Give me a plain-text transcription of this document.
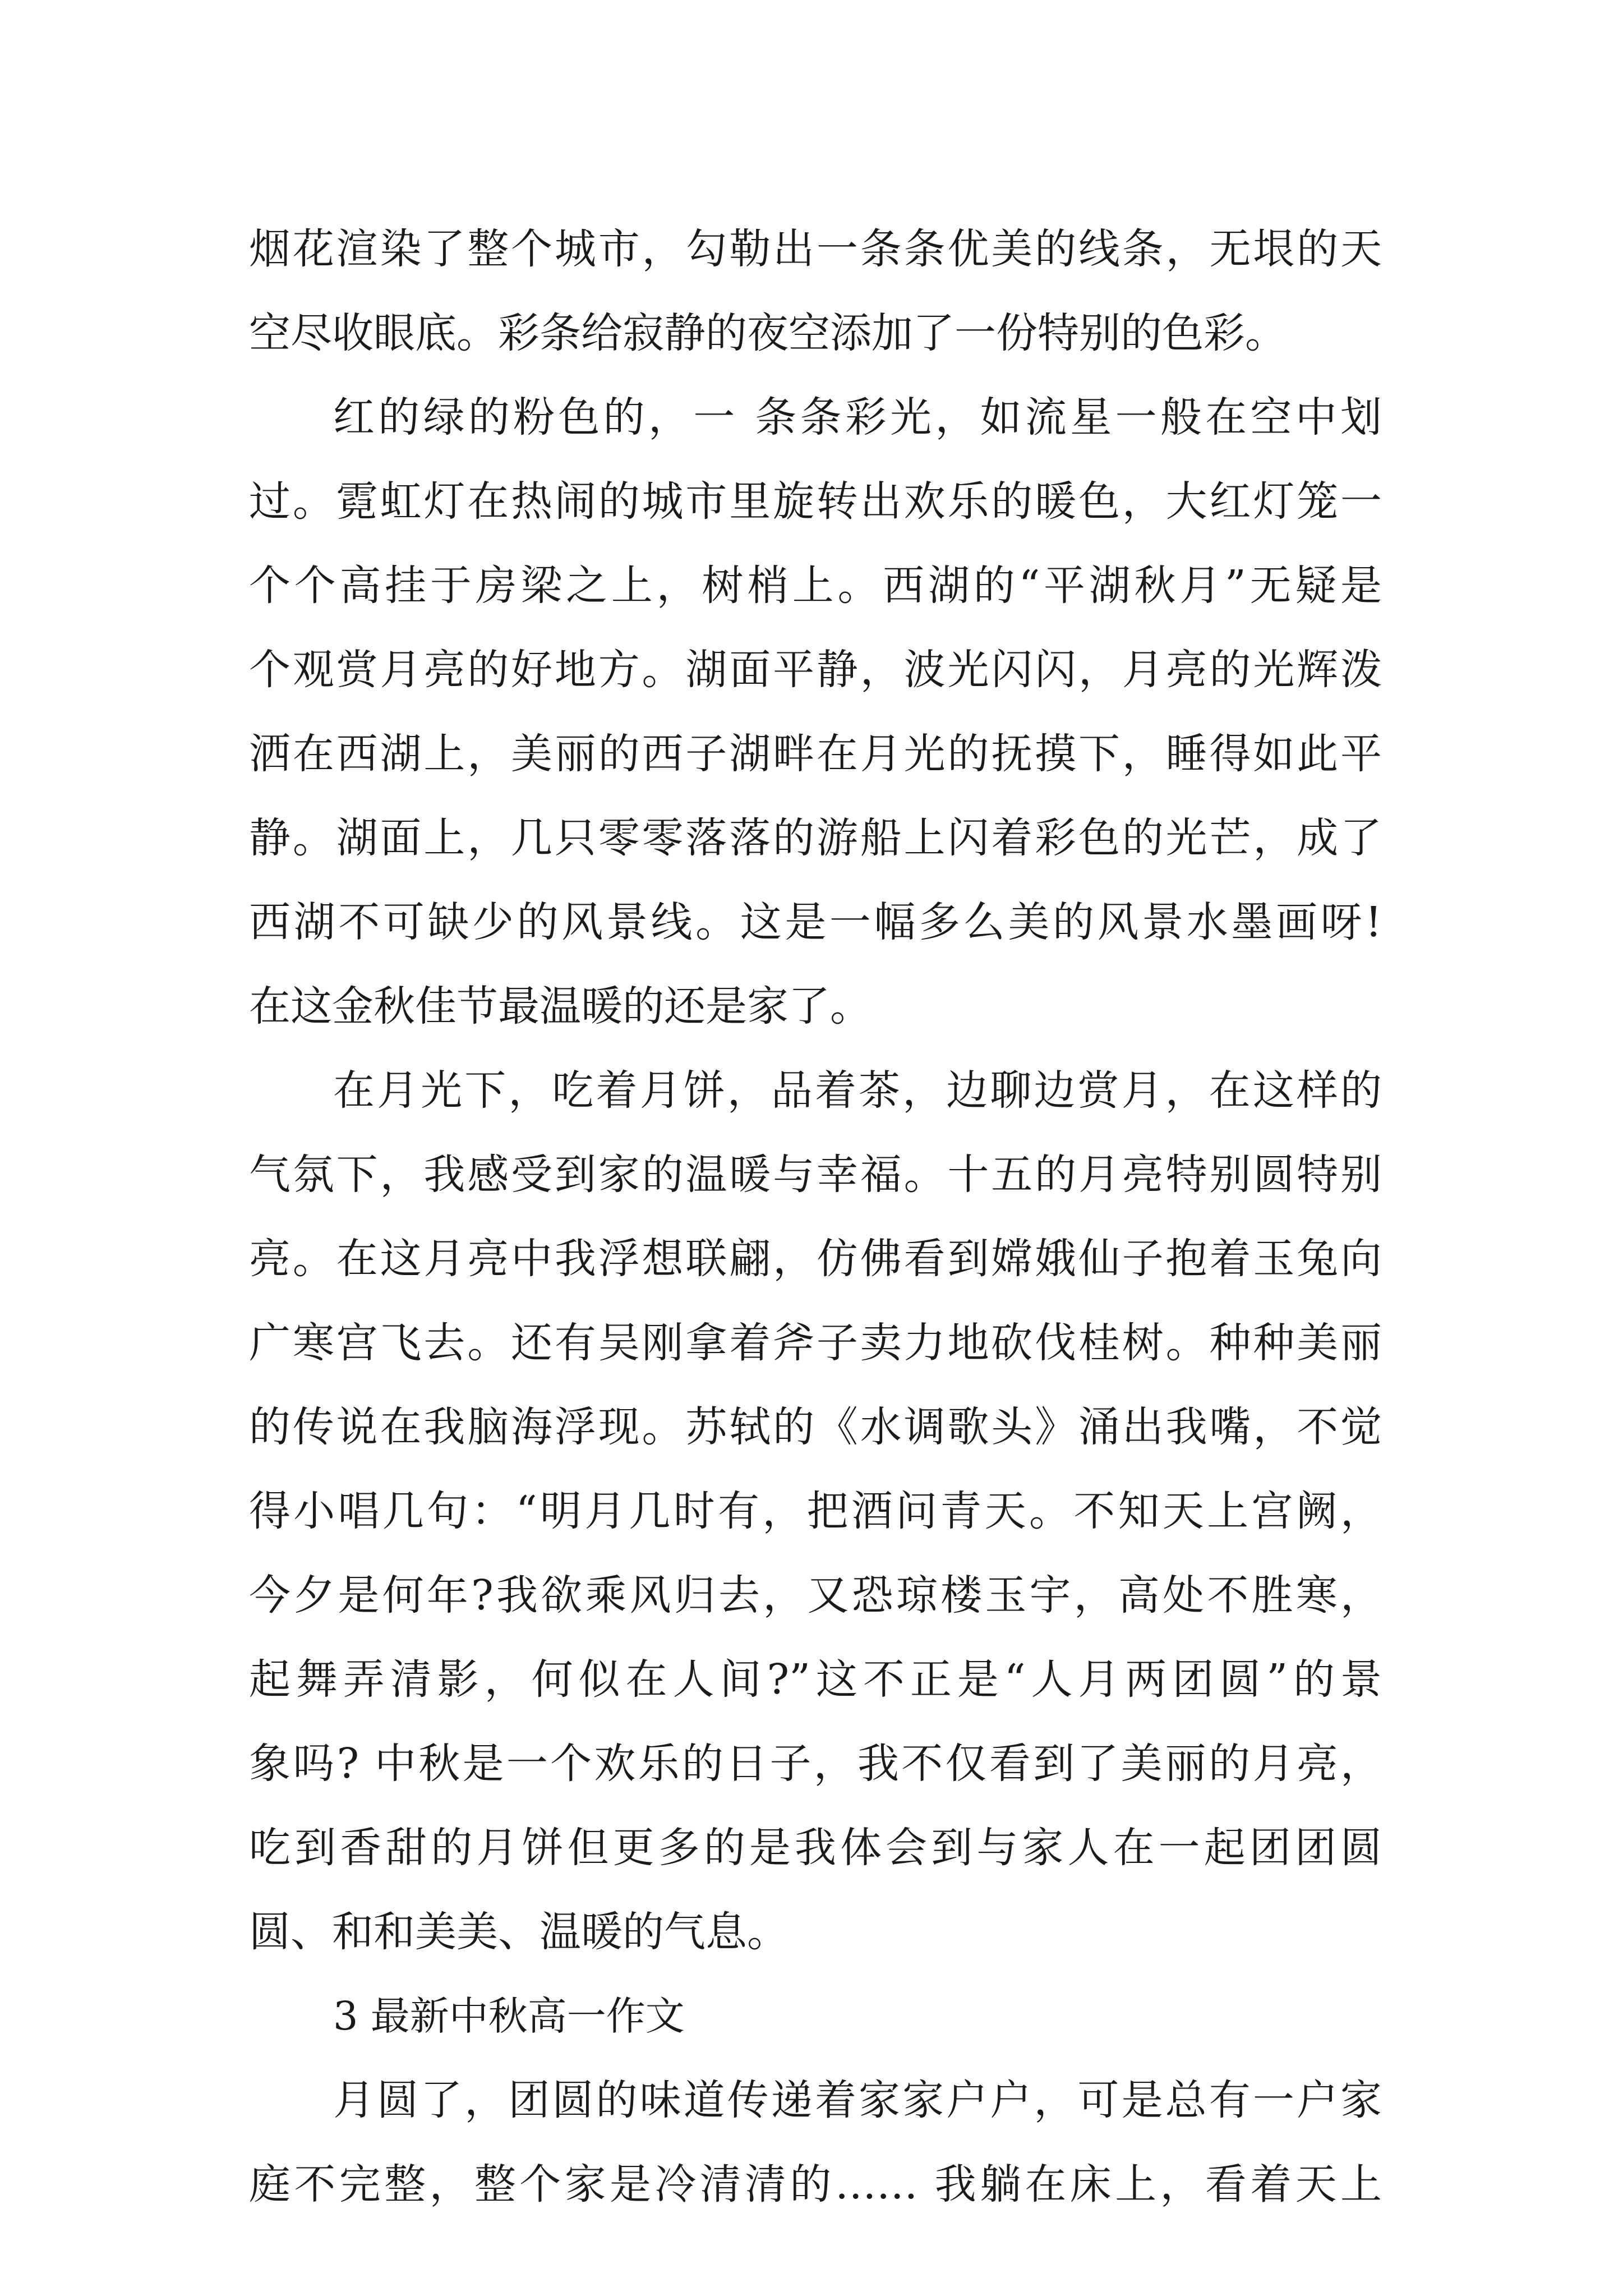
烟花渲染了整个城市，勾勒出一条条优美的线条，无垠的天
空尽收眼底。彩条给寂静的夜空添加了一份特别的色彩。
红的绿的粉色的，一 条条彩光，如流星一般在空中划
过。霓虹灯在热闹的城市里旋转出欢乐的暖色，大红灯笼一
个个高挂于房梁之上，树梢上。西湖的“平湖秋月”无疑是
个观赏月亮的好地方。湖面平静，波光闪闪，月亮的光辉泼
洒在西湖上，美丽的西子湖畔在月光的抚摸下，睡得如此平
静。湖面上，几只零零落落的游船上闪着彩色的光芒，成了
西湖不可缺少的风景线。这是一幅多么美的风景水墨画呀!
在这金秋佳节最温暖的还是家了。
在月光下，吃着月饼，品着茶，边聊边赏月，在这样的
气氛下，我感受到家的温暖与幸福。十五的月亮特别圆特别
亮。在这月亮中我浮想联翩，仿佛看到嫦娥仙子抱着玉兔向
广寒宫飞去。还有吴刚拿着斧子卖力地砍伐桂树。种种美丽
的传说在我脑海浮现。苏轼的《水调歌头》涌出我嘴，不觉
得小唱几句：“明月几时有，把酒问青天。不知天上宫阙，
今夕是何年?我欲乘风归去，又恐琼楼玉宇，高处不胜寒，
起舞弄清影，何似在人间?”这不正是“人月两团圆”的景
象吗? 中秋是一个欢乐的日子，我不仅看到了美丽的月亮，
吃到香甜的月饼但更多的是我体会到与家人在一起团团圆
圆、和和美美、温暖的气息。
3 最新中秋高一作文
月圆了，团圆的味道传递着家家户户，可是总有一户家
庭不完整，整个家是冷清清的…… 我躺在床上，看着天上
